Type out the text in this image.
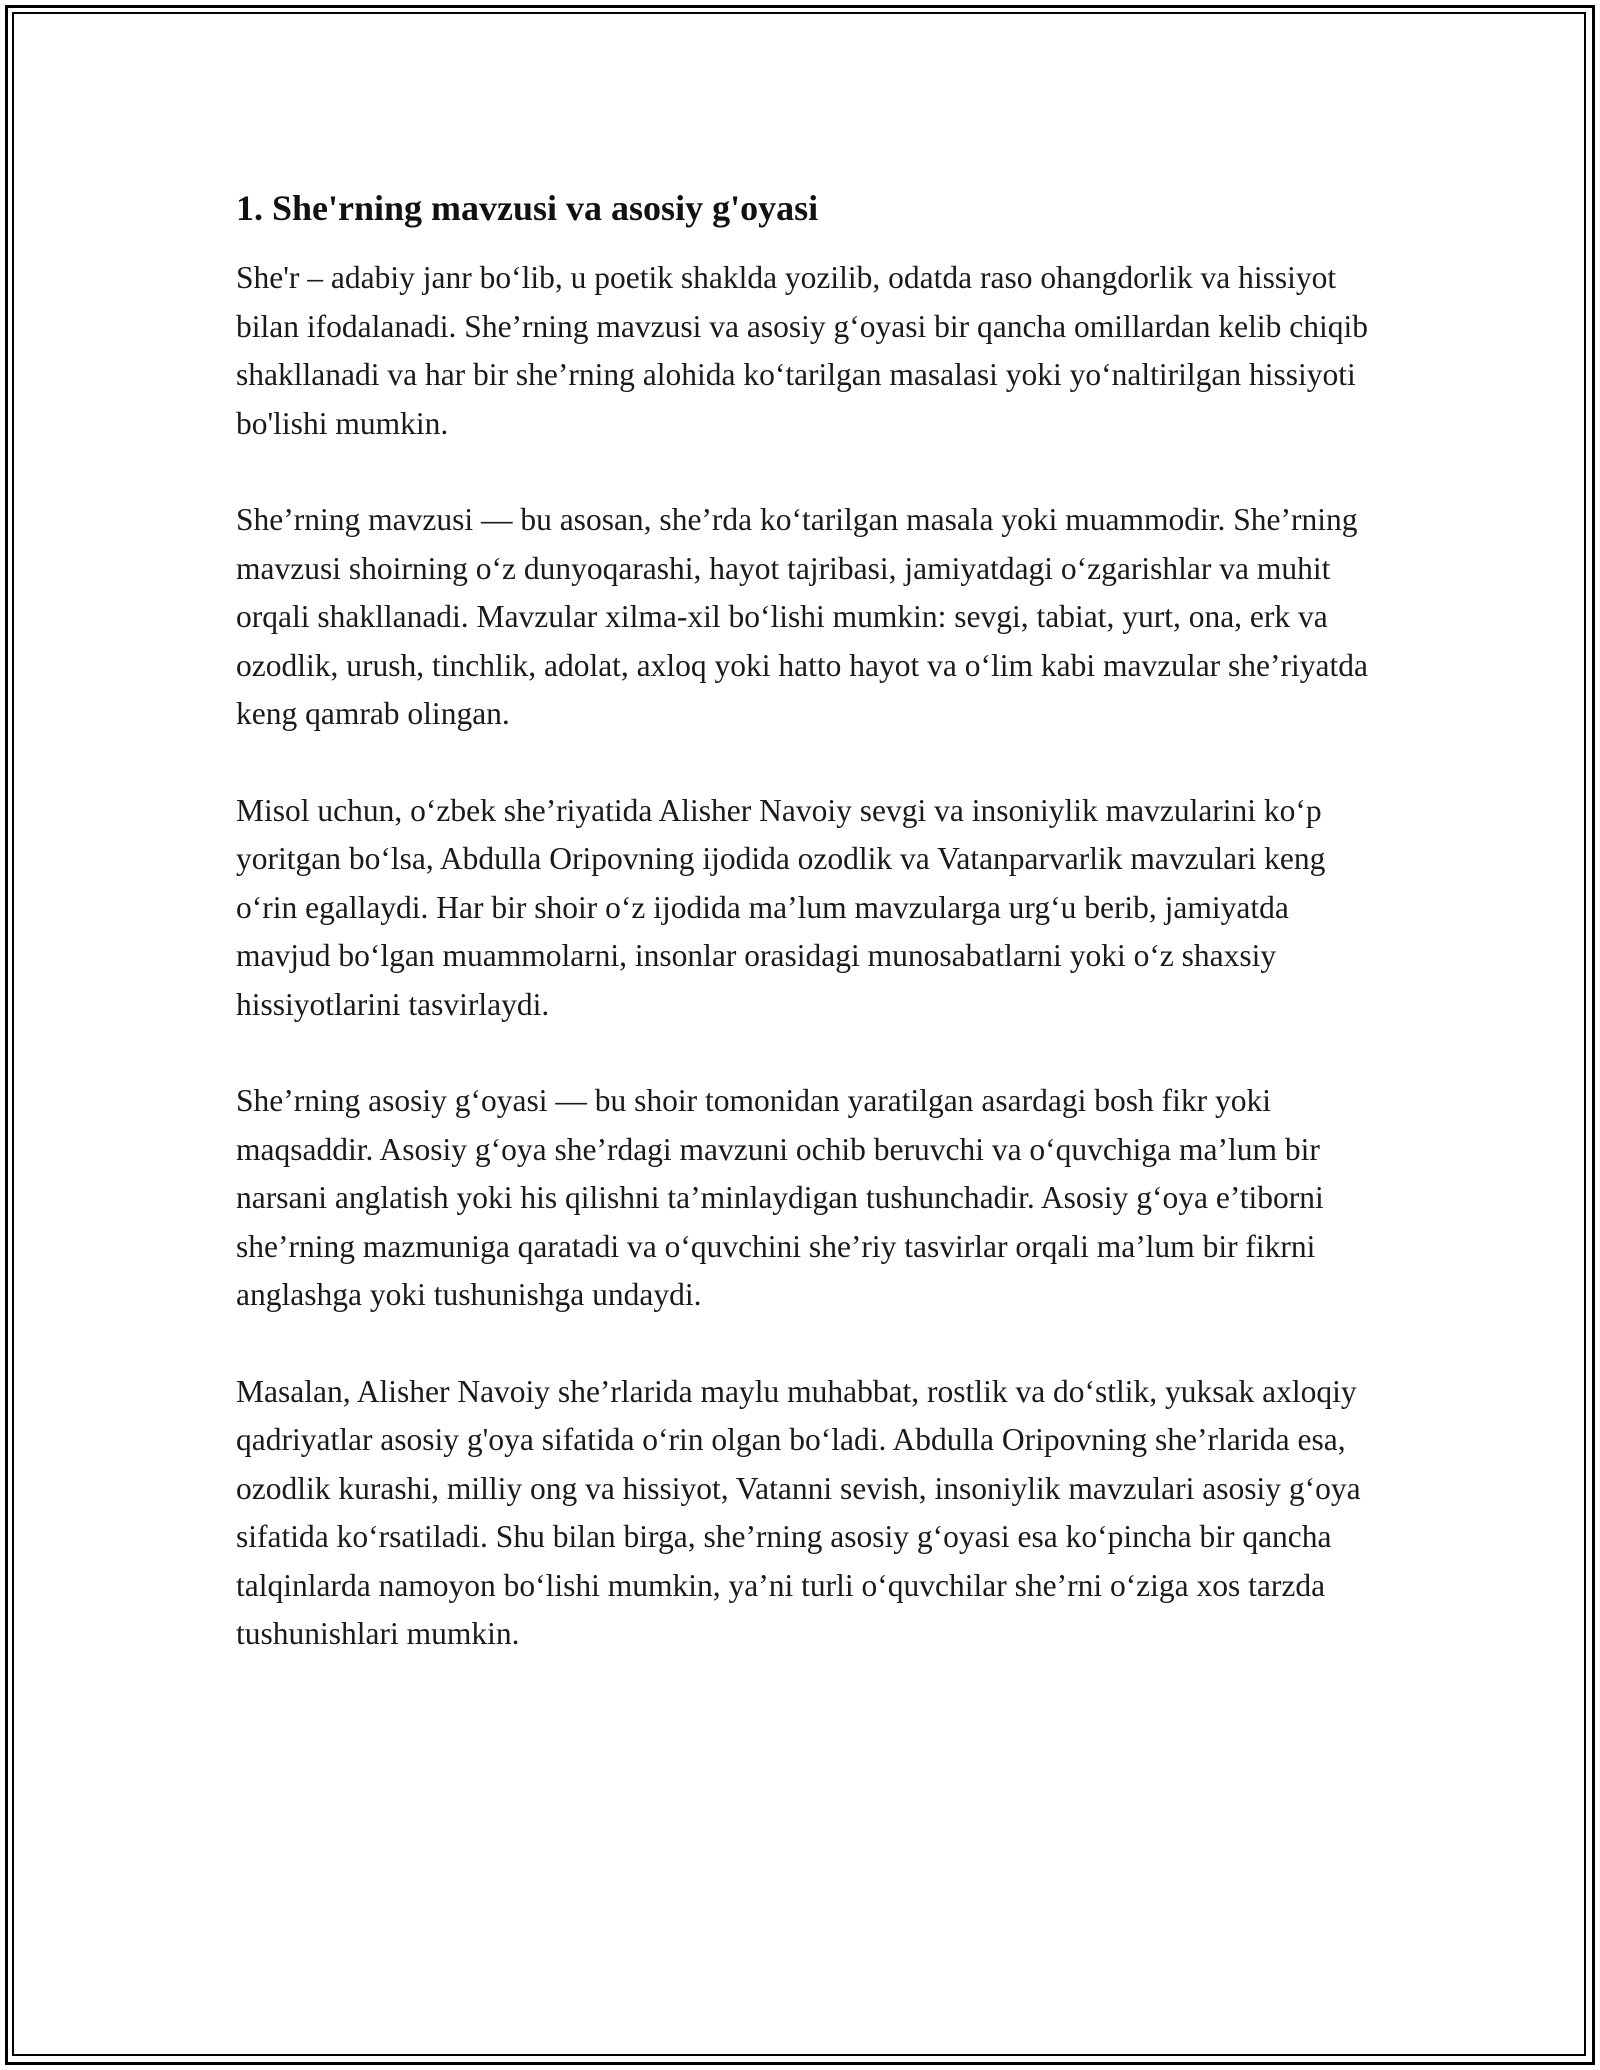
1. She'rning mavzusi va asosiy g'oyasi

She'r – adabiy janr bo‘lib, u poetik shaklda yozilib, odatda raso ohangdorlik va hissiyot bilan ifodalanadi. She’rning mavzusi va asosiy g‘oyasi bir qancha omillardan kelib chiqib shakllanadi va har bir she’rning alohida ko‘tarilgan masalasi yoki yo‘naltirilgan hissiyoti bo'lishi mumkin.

She’rning mavzusi — bu asosan, she’rda ko‘tarilgan masala yoki muammodir. She’rning mavzusi shoirning o‘z dunyoqarashi, hayot tajribasi, jamiyatdagi o‘zgarishlar va muhit orqali shakllanadi. Mavzular xilma-xil bo‘lishi mumkin: sevgi, tabiat, yurt, ona, erk va ozodlik, urush, tinchlik, adolat, axloq yoki hatto hayot va o‘lim kabi mavzular she’riyatda keng qamrab olingan.

Misol uchun, o‘zbek she’riyatida Alisher Navoiy sevgi va insoniylik mavzularini ko‘p yoritgan bo‘lsa, Abdulla Oripovning ijodida ozodlik va Vatanparvarlik mavzulari keng o‘rin egallaydi. Har bir shoir o‘z ijodida ma’lum mavzularga urg‘u berib, jamiyatda mavjud bo‘lgan muammolarni, insonlar orasidagi munosabatlarni yoki o‘z shaxsiy hissiyotlarini tasvirlaydi.

She’rning asosiy g‘oyasi — bu shoir tomonidan yaratilgan asardagi bosh fikr yoki maqsaddir. Asosiy g‘oya she’rdagi mavzuni ochib beruvchi va o‘quvchiga ma’lum bir narsani anglatish yoki his qilishni ta’minlaydigan tushunchadir. Asosiy g‘oya e’tiborni she’rning mazmuniga qaratadi va o‘quvchini she’riy tasvirlar orqali ma’lum bir fikrni anglashga yoki tushunishga undaydi.

Masalan, Alisher Navoiy she’rlarida maylu muhabbat, rostlik va do‘stlik, yuksak axloqiy qadriyatlar asosiy g'oya sifatida o‘rin olgan bo‘ladi. Abdulla Oripovning she’rlarida esa, ozodlik kurashi, milliy ong va hissiyot, Vatanni sevish, insoniylik mavzulari asosiy g‘oya sifatida ko‘rsatiladi. Shu bilan birga, she’rning asosiy g‘oyasi esa ko‘pincha bir qancha talqinlarda namoyon bo‘lishi mumkin, ya’ni turli o‘quvchilar she’rni o‘ziga xos tarzda tushunishlari mumkin.
